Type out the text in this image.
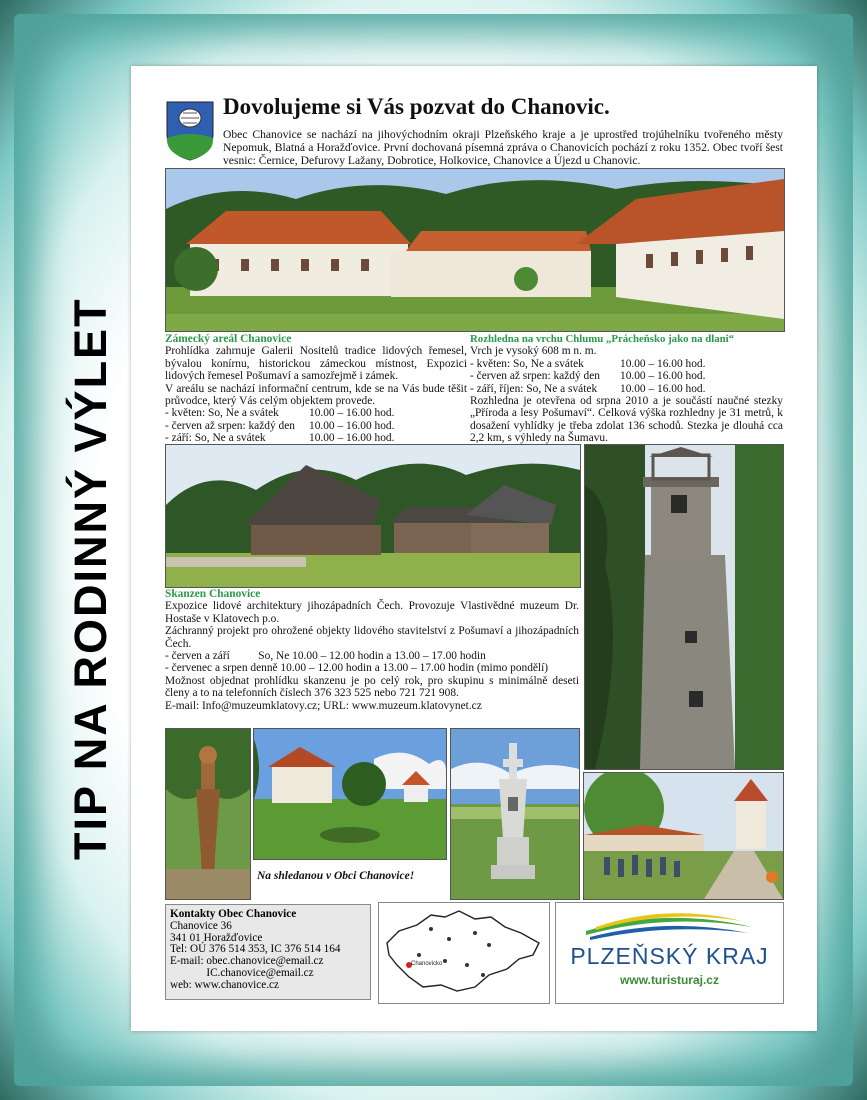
TIP NA RODINNÝ VÝLET
Dovolujeme si Vás pozvat do Chanovic.

Obec Chanovice se nachází na jihovýchodním okraji Plzeňského kraje a je uprostřed trojúhelníku tvořeného městy Nepomuk, Blatná a Horažďovice. První dochovaná písemná zpráva o Chanovicích pochází z roku 1352. Obec tvoří šest vesnic: Černice, Defurovy Lažany, Dobrotice, Holkovice, Chanovice a Újezd u Chanovic.

Zámecký areál Chanovice

Prohlídka zahrnuje Galerii Nositelů tradice lidových řemesel, bývalou konírnu, historickou zámeckou místnost, Expozici lidových řemesel Pošumaví a samozřejmě i zámek.

V areálu se nachází informační centrum, kde se na Vás bude těšit průvodce, který Vás celým objektem provede.

- květen: So, Ne a svátek	10.00 – 16.00 hod.
- červen až srpen: každý den	10.00 – 16.00 hod.
- září: So, Ne a svátek	10.00 – 16.00 hod.
Rozhledna na vrchu Chlumu „Prácheňsko jako na dlani“

Vrch je vysoký 608 m n. m.

- květen: So, Ne a svátek	10.00 – 16.00 hod.
- červen až srpen: každý den	10.00 – 16.00 hod.
- září, říjen: So, Ne a svátek	10.00 – 16.00 hod.

Rozhledna je otevřena od srpna 2010 a je součástí naučné stezky „Příroda a lesy Pošumaví“. Celková výška rozhledny je 31 metrů, k dosažení vyhlídky je třeba zdolat 136 schodů. Stezka je dlouhá cca 2,2 km, s výhledy na Šumavu.

Skanzen Chanovice

Expozice lidové architektury jihozápadních Čech. Provozuje Vlastivědné muzeum Dr. Hostaše v Klatovech p.o.

Záchranný projekt pro ohrožené objekty lidového stavitelství z Pošumaví a jihozápadních Čech.

- červen a září          So, Ne 10.00 – 12.00 hodin a 13.00 – 17.00 hodin

- červenec a srpen denně 10.00 – 12.00 hodin a 13.00 – 17.00 hodin (mimo pondělí)

Možnost objednat prohlídku skanzenu je po celý rok, pro skupinu s minimálně deseti členy a to na telefonních číslech 376 323 525 nebo 721 721 908.

E-mail: Info@muzeumklatovy.cz; URL: www.muzeum.klatovynet.cz

Na shledanou v Obci Chanovice!

Kontakty Obec Chanovice

Chanovice 36

341 01 Horažďovice

Tel: OÚ 376 514 353, IC 376 514 164

E-mail: obec.chanovice@email.cz

IC.chanovice@email.cz

web: www.chanovice.cz

Chanovicko	PLZEŇSKÝ KRAJ
www.turisturaj.cz
